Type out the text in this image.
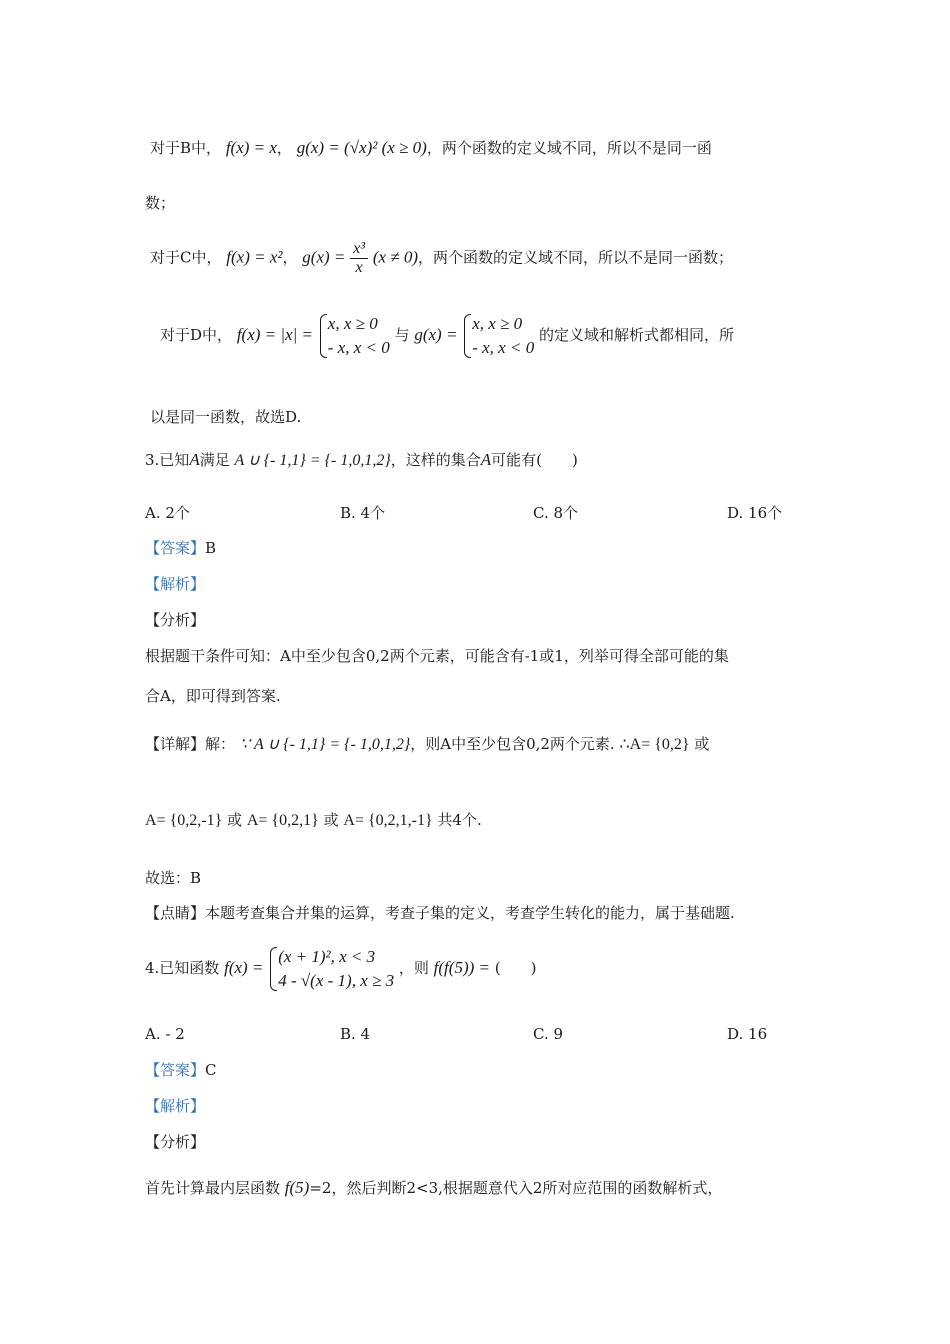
对于B中， f(x) = x， g(x) = (√x)² (x ≥ 0)，两个函数的定义域不同，所以不是同一函
数；
对于C中， f(x) = x²， $g(x) = \frac{\text{x³}}{x} (x \ne 0)$，两个函数的定义域不同，所以不是同一函数；
对于D中， f(x) = |x| =
x, x ≥ 0
- x, x < 0
与 g(x) =
x, x ≥ 0
- x, x < 0
的定义域和解析式都相同，所
以是同一函数，故选D.
3.已知A满足 A ∪ {- 1,1} = {- 1,0,1,2}，这样的集合A可能有(　　)
A. 2个	B. 4个	C. 8个	D. 16个
【答案】B
【解析】
【分析】
根据题干条件可知：A中至少包含0,2两个元素，可能含有-1或1，列举可得全部可能的集
合A，即可得到答案.
【详解】解： ∵ A ∪ {- 1,1} = {- 1,0,1,2}，则A中至少包含0,2两个元素. ∴A= {0,2} 或
A= {0,2,-1} 或 A= {0,2,1} 或 A= {0,2,1,-1} 共4个.
故选：B
【点睛】本题考查集合并集的运算，考查子集的定义，考查学生转化的能力，属于基础题.
4.已知函数 f(x) =
(x + 1)², x < 3
4 - √(x - 1), x ≥ 3
，则 f(f(5)) = (　　)
A. - 2	B. 4	C. 9	D. 16
【答案】C
【解析】
【分析】
首先计算最内层函数 f(5)=2，然后判断2<3,根据题意代入2所对应范围的函数解析式，
